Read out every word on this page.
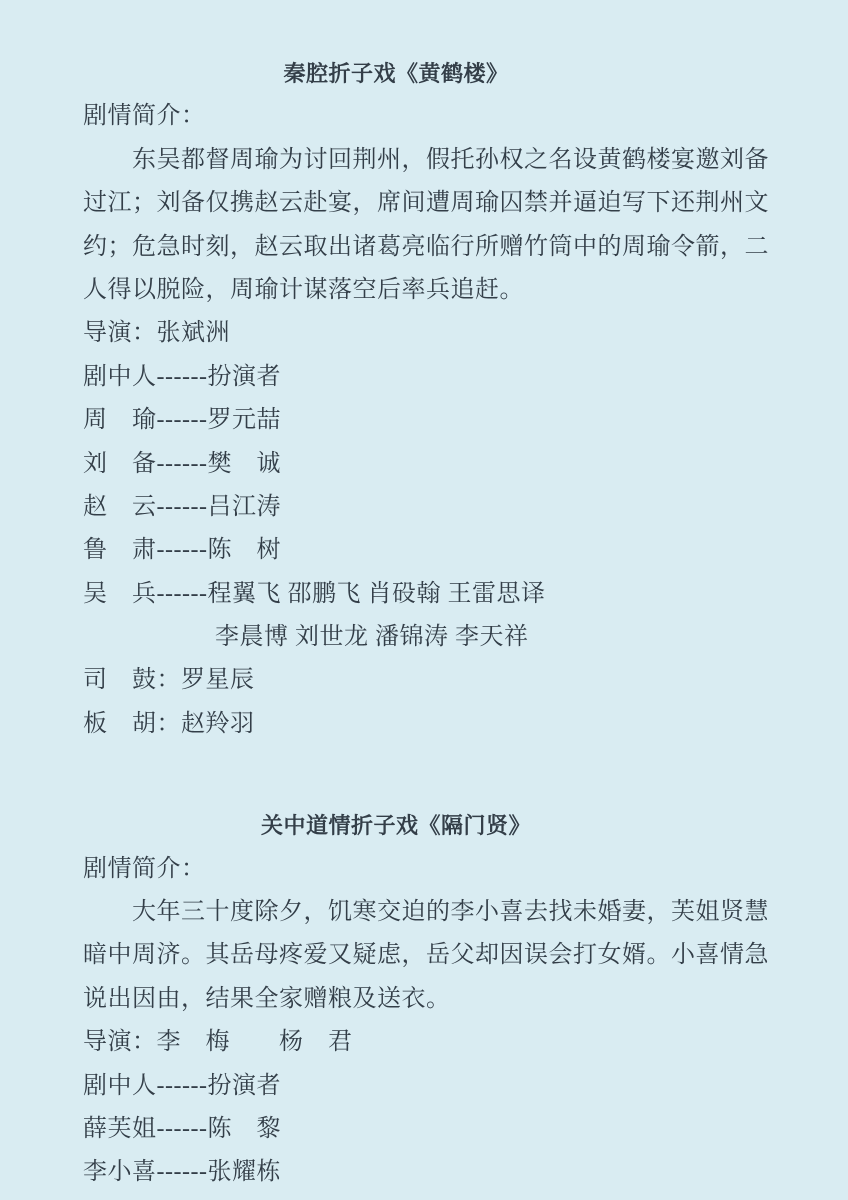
秦腔折子戏《黄鹤楼》
剧情简介：
东吴都督周瑜为讨回荆州，假托孙权之名设黄鹤楼宴邀刘备
过江；刘备仅携赵云赴宴，席间遭周瑜囚禁并逼迫写下还荆州文
约；危急时刻，赵云取出诸葛亮临行所赠竹筒中的周瑜令箭，二
人得以脱险，周瑜计谋落空后率兵追赶。
导演：张斌洲
剧中人------扮演者
周　瑜------罗元喆
刘　备------樊　诚
赵　云------吕江涛
鲁　肃------陈　树
吴　兵------程翼飞 邵鹏飞 肖砓翰 王雷思译
李晨博 刘世龙 潘锦涛 李天祥
司　鼓：罗星辰
板　胡：赵羚羽
关中道情折子戏《隔门贤》
剧情简介：
大年三十度除夕，饥寒交迫的李小喜去找未婚妻，芙姐贤慧
暗中周济。其岳母疼爱又疑虑，岳父却因误会打女婿。小喜情急
说出因由，结果全家赠粮及送衣。
导演：李　梅　　杨　君
剧中人------扮演者
薛芙姐------陈　黎
李小喜------张耀栋
